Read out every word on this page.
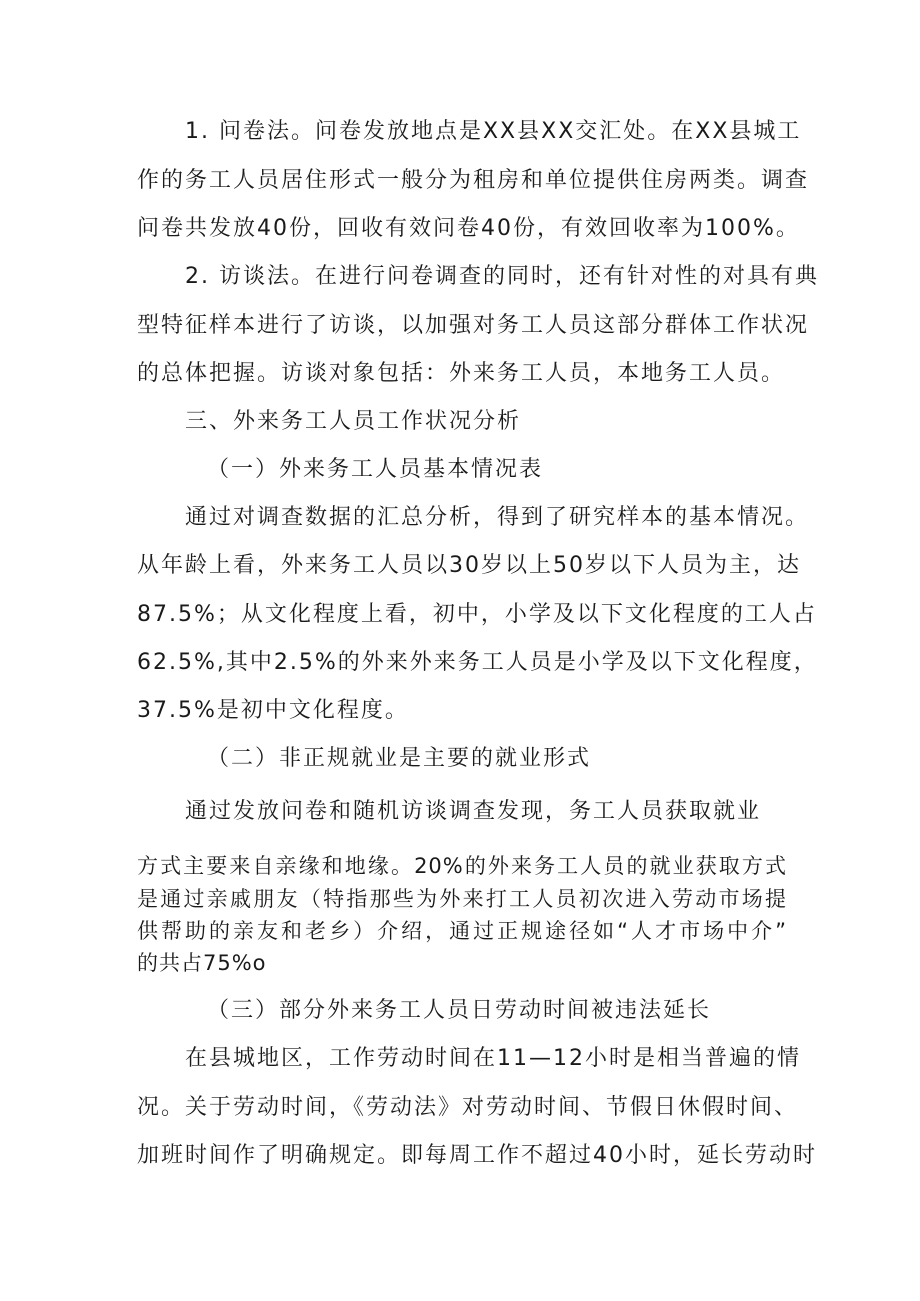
1. 问卷法。问卷发放地点是XX县XX交汇处。在XX县城工
作的务工人员居住形式一般分为租房和单位提供住房两类。调查
问卷共发放40份，回收有效问卷40份，有效回收率为100%。
2. 访谈法。在进行问卷调查的同时，还有针对性的对具有典
型特征样本进行了访谈，以加强对务工人员这部分群体工作状况
的总体把握。访谈对象包括：外来务工人员，本地务工人员。
三、外来务工人员工作状况分析
（一）外来务工人员基本情况表
通过对调查数据的汇总分析，得到了研究样本的基本情况。
从年龄上看，外来务工人员以30岁以上50岁以下人员为主，达
87.5%；从文化程度上看，初中，小学及以下文化程度的工人占
62.5%,其中2.5%的外来外来务工人员是小学及以下文化程度，
37.5%是初中文化程度。
（二）非正规就业是主要的就业形式
通过发放问卷和随机访谈调查发现，务工人员获取就业
方式主要来自亲缘和地缘。20%的外来务工人员的就业获取方式
是通过亲戚朋友（特指那些为外来打工人员初次进入劳动市场提
供帮助的亲友和老乡）介绍，通过正规途径如“人才市场中介”
的共占75%o
（三）部分外来务工人员日劳动时间被违法延长
在县城地区，工作劳动时间在11—12小时是相当普遍的情
况。关于劳动时间，《劳动法》对劳动时间、节假日休假时间、
加班时间作了明确规定。即每周工作不超过40小时，延长劳动时
